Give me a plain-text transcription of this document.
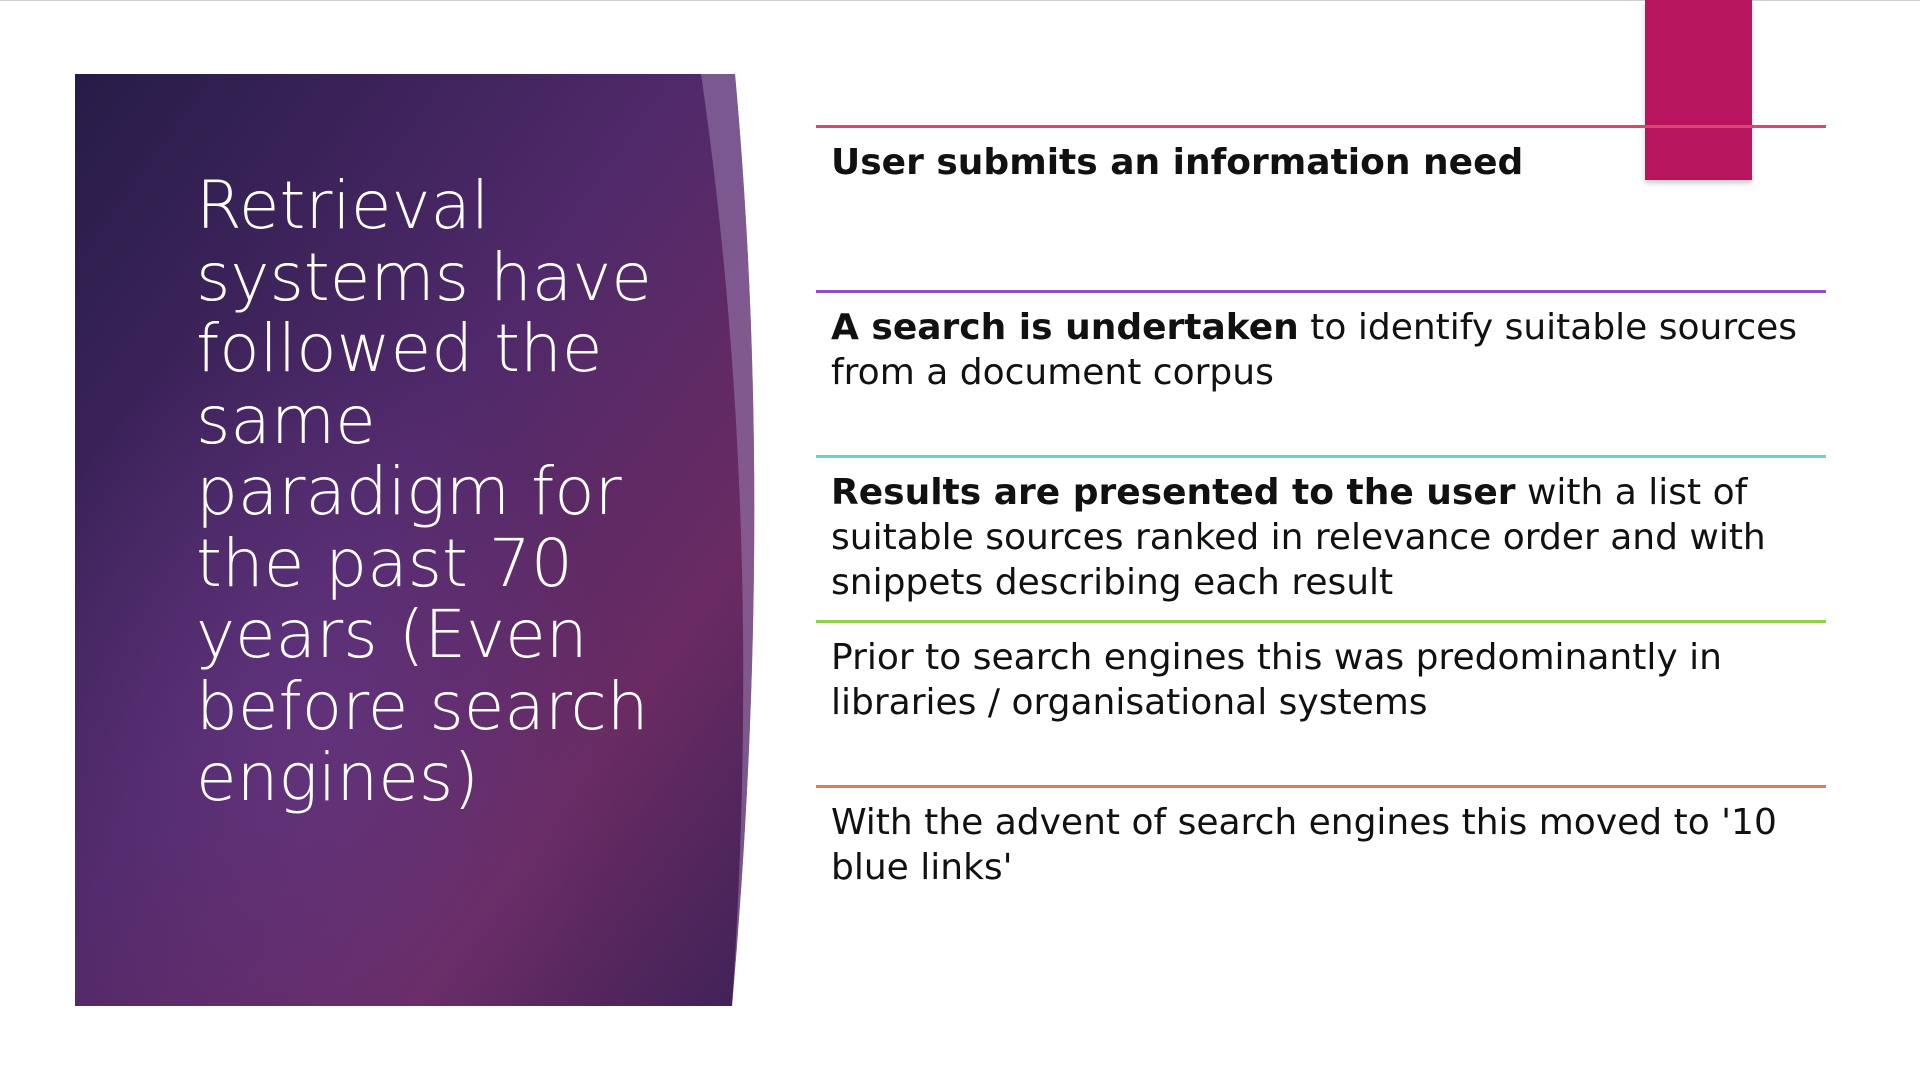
Retrieval systems have followed the same paradigm for the past 70 years (Even before search engines)
User submits an information need
A search is undertaken to identify suitable sources from a document corpus
Results are presented to the user with a list of suitable sources ranked in relevance order and with snippets describing each result
Prior to search engines this was predominantly in libraries / organisational systems
With the advent of search engines this moved to '10 blue links'
